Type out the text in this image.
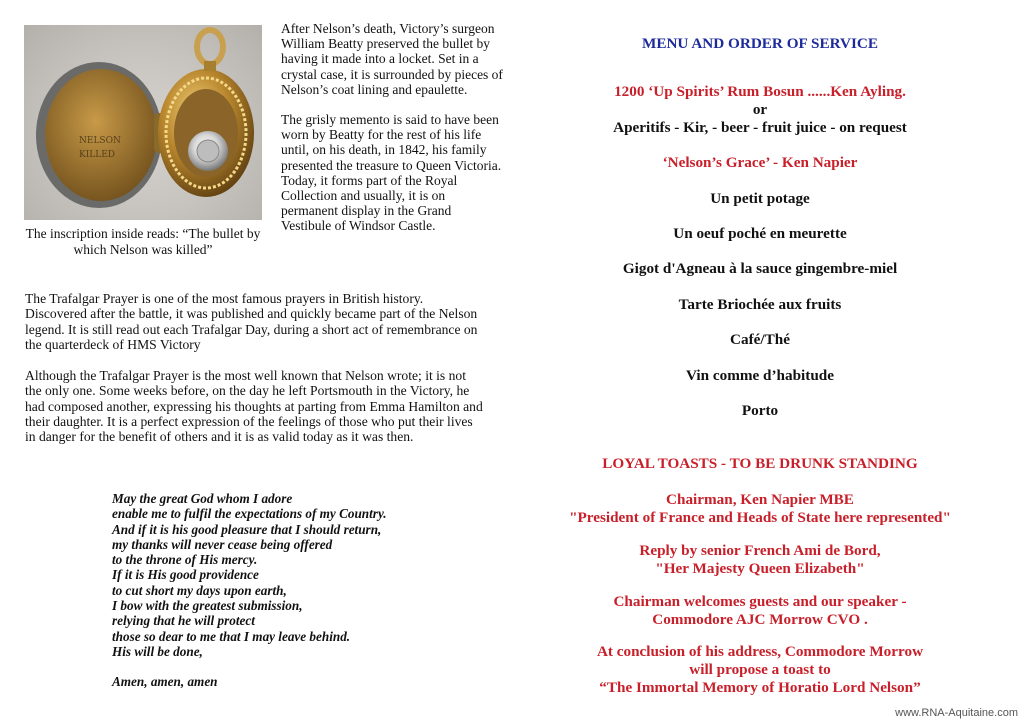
NELSON
KILLED
The inscription inside reads: “The bullet by which Nelson was killed”

After Nelson’s death, Victory’s surgeon William Beatty preserved the bullet by having it made into a locket. Set in a crystal case, it is surrounded by pieces of Nelson’s coat lining and epaulette.

The grisly memento is said to have been worn by Beatty for the rest of his life until, on his death, in 1842, his family presented the treasure to Queen Victoria. Today, it forms part of the Royal Collection and usually, it is on permanent display in the Grand Vestibule of Windsor Castle.

The Trafalgar Prayer is one of the most famous prayers in British history. Discovered after the battle, it was published and quickly became part of the Nelson legend. It is still read out each Trafalgar Day, during a short act of remembrance on the quarterdeck of HMS Victory
Although the Trafalgar Prayer is the most well known that Nelson wrote; it is not the only one. Some weeks before, on the day he left Portsmouth in the Victory, he had composed another, expressing his thoughts at parting from Emma Hamilton and their daughter. It is a perfect expression of the feelings of those who put their lives in danger for the benefit of others and it is as valid today as it was then.
May the great God whom I adore
enable me to fulfil the expectations of my Country.
And if it is his good pleasure that I should return,
my thanks will never cease being offered
to the throne of His mercy.
If it is His good providence
to cut short my days upon earth,
I bow with the greatest submission,
relying that he will protect
those so dear to me that I may leave behind.
His will be done,
Amen, amen, amen
MENU AND ORDER OF SERVICE
1200 ‘Up Spirits’ Rum Bosun ......Ken Ayling.
or
Aperitifs - Kir, - beer - fruit juice - on request
‘Nelson’s Grace’ - Ken Napier
Un petit potage
Un oeuf poché en meurette
Gigot d'Agneau à la sauce gingembre-miel
Tarte Briochée aux fruits
Café/Thé
Vin comme d’habitude
Porto
LOYAL TOASTS - TO BE DRUNK STANDING
Chairman, Ken Napier MBE
"President of France and Heads of State here represented"
Reply by senior French Ami de Bord,
"Her Majesty Queen Elizabeth"
Chairman welcomes guests and our speaker -
Commodore AJC Morrow CVO .
At conclusion of his address, Commodore Morrow
will propose a toast to
“The Immortal Memory of Horatio Lord Nelson”
www.RNA-Aquitaine.com
